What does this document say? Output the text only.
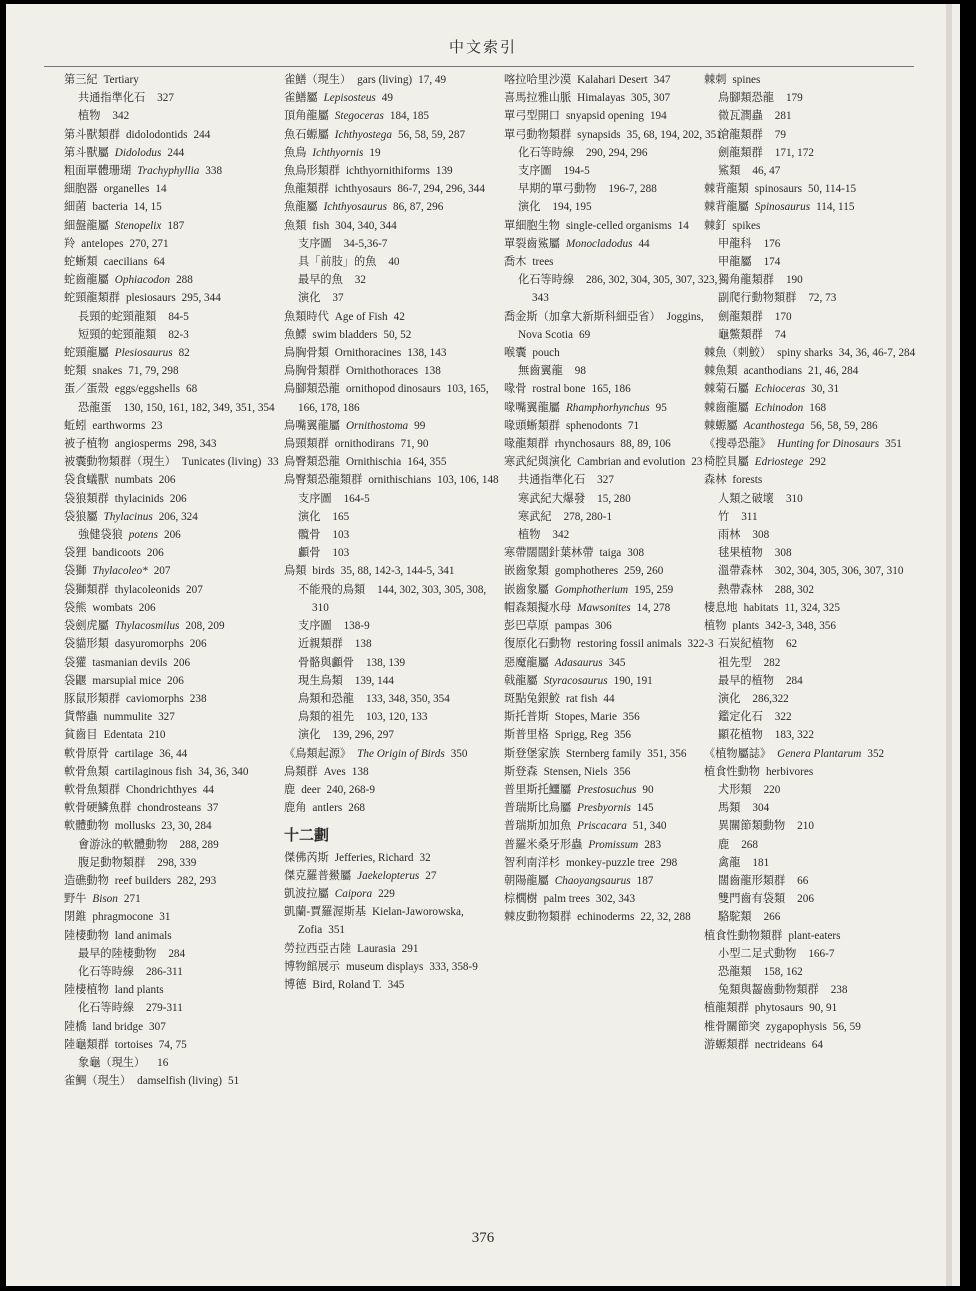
中文索引
第三紀 Tertiary
共通指準化石 327
植物 342
第斗獸類群 didolodontids 244
第斗獸屬 Didolodus 244
粗面單體珊瑚 Trachyphyllia 338
細胞器 organelles 14
細菌 bacteria 14, 15
細盤龍屬 Stenopelix 187
羚 antelopes 270, 271
蛇蜥類 caecilians 64
蛇齒龍屬 Ophiacodon 288
蛇頸龍類群 plesiosaurs 295, 344
長頸的蛇頸龍類 84-5
短頸的蛇頸龍類 82-3
蛇頸龍屬 Plesiosaurus 82
蛇類 snakes 71, 79, 298
蛋／蛋殼 eggs/eggshells 68
恐龍蛋 130, 150, 161, 182, 349, 351, 354
蚯蚓 earthworms 23
被子植物 angiosperms 298, 343
被囊動物類群（現生） Tunicates (living) 33
袋食蟻獸 numbats 206
袋狼類群 thylacinids 206
袋狼屬 Thylacinus 206, 324
強健袋狼 potens 206
袋狸 bandicoots 206
袋獅 Thylacoleo* 207
袋獅類群 thylacoleonids 207
袋熊 wombats 206
袋劍虎屬 Thylacosmilus 208, 209
袋貓形類 dasyuromorphs 206
袋獾 tasmanian devils 206
袋鼴 marsupial mice 206
豚鼠形類群 caviomorphs 238
貨幣蟲 nummulite 327
貧齒目 Edentata 210
軟骨原骨 cartilage 36, 44
軟骨魚類 cartilaginous fish 34, 36, 340
軟骨魚類群 Chondrichthyes 44
軟骨硬鱗魚群 chondrosteans 37
軟體動物 mollusks 23, 30, 284
會游泳的軟體動物 288, 289
腹足動物類群 298, 339
造礁動物 reef builders 282, 293
野牛 Bison 271
閉錐 phragmocone 31
陸棲動物 land animals
最早的陸棲動物 284
化石等時線 286-311
陸棲植物 land plants
化石等時線 279-311
陸橋 land bridge 307
陸龜類群 tortoises 74, 75
象龜（現生） 16
雀鯛（現生） damselfish (living) 51
雀鱔（現生） gars (living) 17, 49
雀鱔屬 Lepisosteus 49
頂角龍屬 Stegoceras 184, 185
魚石螈屬 Ichthyostega 56, 58, 59, 287
魚鳥 Ichthyornis 19
魚鳥形類群 ichthyornithiforms 139
魚龍類群 ichthyosaurs 86-7, 294, 296, 344
魚龍屬 Ichthyosaurus 86, 87, 296
魚類 fish 304, 340, 344
支序圖 34-5,36-7
具「前肢」的魚 40
最早的魚 32
演化 37
魚類時代 Age of Fish 42
魚鰾 swim bladders 50, 52
鳥胸骨類 Ornithoracines 138, 143
鳥胸骨類群 Ornithothoraces 138
鳥腳類恐龍 ornithopod dinosaurs 103, 165, 166, 178, 186
鳥嘴翼龍屬 Ornithostoma 99
鳥頸類群 ornithodirans 71, 90
鳥臀類恐龍 Ornithischia 164, 355
鳥臀類恐龍類群 ornithischians 103, 106, 148
支序圖 164-5
演化 165
髖骨 103
顱骨 103
鳥類 birds 35, 88, 142-3, 144-5, 341
不能飛的鳥類 144, 302, 303, 305, 308, 310
支序圖 138-9
近親類群 138
骨骼與顱骨 138, 139
現生鳥類 139, 144
鳥類和恐龍 133, 348, 350, 354
鳥類的祖先 103, 120, 133
演化 139, 296, 297
《鳥類起源》 The Origin of Birds 350
鳥類群 Aves 138
鹿 deer 240, 268-9
鹿角 antlers 268
十二劃
傑佛芮斯 Jefferies, Richard 32
傑克羅普鱟屬 Jaekelopterus 27
凱波拉屬 Caipora 229
凱蘭-賈羅渥斯基 Kielan-Jaworowska, Zofia 351
勞拉西亞古陸 Laurasia 291
博物館展示 museum displays 333, 358-9
博德 Bird, Roland T. 345
喀拉哈里沙漠 Kalahari Desert 347
喜馬拉雅山脈 Himalayas 305, 307
單弓型開口 snyapsid opening 194
單弓動物類群 synapsids 35, 68, 194, 202, 351
化石等時線 290, 294, 296
支序圖 194-5
早期的單弓動物 196-7, 288
演化 194, 195
單細胞生物 single-celled organisms 14
單裂齒鯊屬 Monocladodus 44
喬木 trees
化石等時線 286, 302, 304, 305, 307, 323, 343
喬金斯（加拿大新斯科細亞省） Joggins, Nova Scotia 69
喉囊 pouch
無齒翼龍 98
喙骨 rostral bone 165, 186
喙嘴翼龍屬 Rhamphorhynchus 95
喙頭蜥類群 sphenodonts 71
喙龍類群 rhynchosaurs 88, 89, 106
寒武紀與演化 Cambrian and evolution 23
共通指準化石 327
寒武紀大爆發 15, 280
寒武紀 278, 280-1
植物 342
寒帶闊闊針葉林帶 taiga 308
嵌齒象類 gomphotheres 259, 260
嵌齒象屬 Gomphotherium 195, 259
帽森類擬水母 Mawsonites 14, 278
彭巴草原 pampas 306
復原化石動物 restoring fossil animals 322-3
惡魔龍屬 Adasaurus 345
戟龍屬 Styracosaurus 190, 191
斑點兔銀鮫 rat fish 44
斯托普斯 Stopes, Marie 356
斯普里格 Sprigg, Reg 356
斯登堡家族 Sternberg family 351, 356
斯登森 Stensen, Niels 356
普里斯托鱷屬 Prestosuchus 90
普瑞斯比鳥屬 Presbyornis 145
普瑞斯加加魚 Priscacara 51, 340
普羅米桑牙形蟲 Promissum 283
智利南洋杉 monkey-puzzle tree 298
朝陽龍屬 Chaoyangsaurus 187
棕櫚樹 palm trees 302, 343
棘皮動物類群 echinoderms 22, 32, 288
棘刺 spines
鳥腳類恐龍 179
微瓦潤蟲 281
滄龍類群 79
劍龍類群 171, 172
鯊類 46, 47
棘背龍類 spinosaurs 50, 114-15
棘背龍屬 Spinosaurus 114, 115
棘釘 spikes
甲龍科 176
甲龍屬 174
獨角龍類群 190
副爬行動物類群 72, 73
劍龍類群 170
龜鱉類群 74
棘魚（刺鮫） spiny sharks 34, 36, 46-7, 284
棘魚類 acanthodians 21, 46, 284
棘菊石屬 Echioceras 30, 31
棘齒龍屬 Echinodon 168
棘螈屬 Acanthostega 56, 58, 59, 286
《搜尋恐龍》 Hunting for Dinosaurs 351
椅腔貝屬 Edriostege 292
森林 forests
人類之破壞 310
竹 311
雨林 308
毬果植物 308
溫帶森林 302, 304, 305, 306, 307, 310
熱帶森林 288, 302
棲息地 habitats 11, 324, 325
植物 plants 342-3, 348, 356
石炭紀植物 62
祖先型 282
最早的植物 284
演化 286,322
鑑定化石 322
顯花植物 183, 322
《植物屬誌》 Genera Plantarum 352
植食性動物 herbivores
犬形類 220
馬類 304
異關節類動物 210
鹿 268
禽龍 181
闊齒龍形類群 66
雙門齒有袋類 206
駱駝類 266
植食性動物類群 plant-eaters
小型二足式動物 166-7
恐龍類 158, 162
兔類與齧齒動物類群 238
植龍類群 phytosaurs 90, 91
椎骨關節突 zygapophysis 56, 59
游螈類群 nectrideans 64
376
